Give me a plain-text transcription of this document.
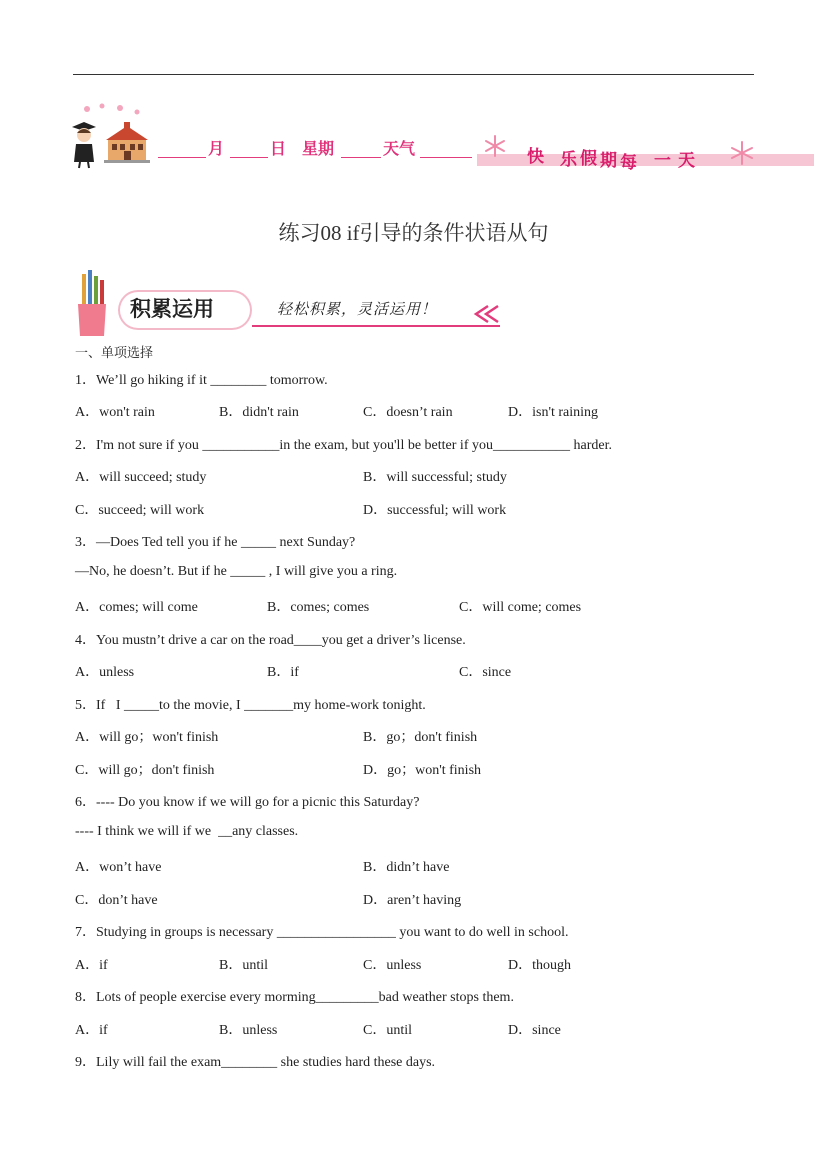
月	日 星期	天气	快 乐 假 期 每 一 天
练习08 if引导的条件状语从句
积累运用	轻松积累，灵活运用！
一、单项选择
1．We’ll go hiking if it ________ tomorrow.
A．won't rain	B．didn't rain	C．doesn’t rain	D．isn't raining
2．I'm not sure if you ___________in the exam, but you'll be better if you___________ harder.
A．will succeed; study	B．will successful; study
C．succeed; will work	D．successful; will work
3．—Does Ted tell you if he _____ next Sunday?
—No, he doesn’t. But if he _____ , I will give you a ring.
A．comes; will come	B．comes; comes	C．will come; comes
4．You mustn’t drive a car on the road____you get a driver’s license.
A．unless	B．if	C．since
5．If   I _____to the movie, I _______my home-work tonight.
A．will go；won't finish	B．go；don't finish
C．will go；don't finish	D．go；won't finish
6．---- Do you know if we will go for a picnic this Saturday?
---- I think we will if we  __any classes.
A．won’t have	B．didn’t have
C．don’t have	D．aren’t having
7．Studying in groups is necessary _________________ you want to do well in school.
A．if	B．until	C．unless	D．though
8．Lots of people exercise every morming_________bad weather stops them.
A．if	B．unless	C．until	D．since
9．Lily will fail the exam________ she studies hard these days.
